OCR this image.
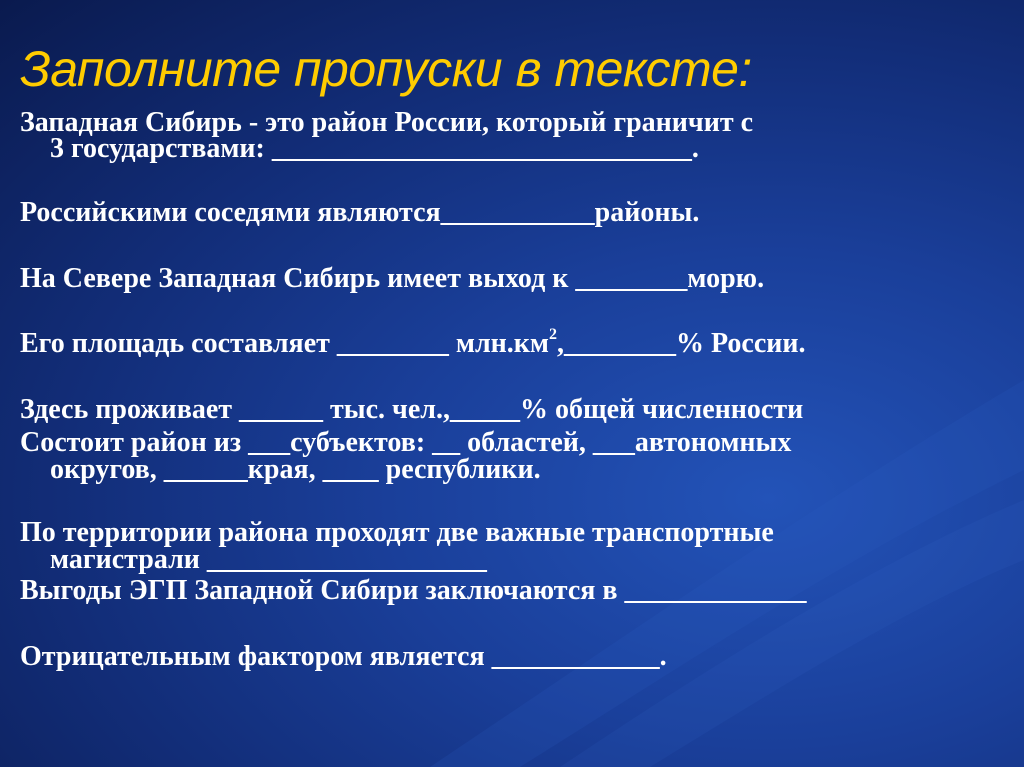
Заполните пропуски в тексте:
Западная Сибирь - это район России, который граничит с
3 государствами: ______________________________.
Российскими соседями являются___________районы.
На Севере Западная Сибирь имеет выход к ________морю.
Его площадь составляет ________ $млн.км^2,\_\_\_\_\_\_\_\_\%$ России.
Здесь проживает ______ тыс. чел.,_____% общей численности
Состоит район из ___субъектов: __ областей, ___автономных
округов, ______края, ____ республики.
По территории района проходят две важные транспортные
магистрали ____________________
Выгоды ЭГП Западной Сибири заключаются в _____________
Отрицательным фактором является ____________.
